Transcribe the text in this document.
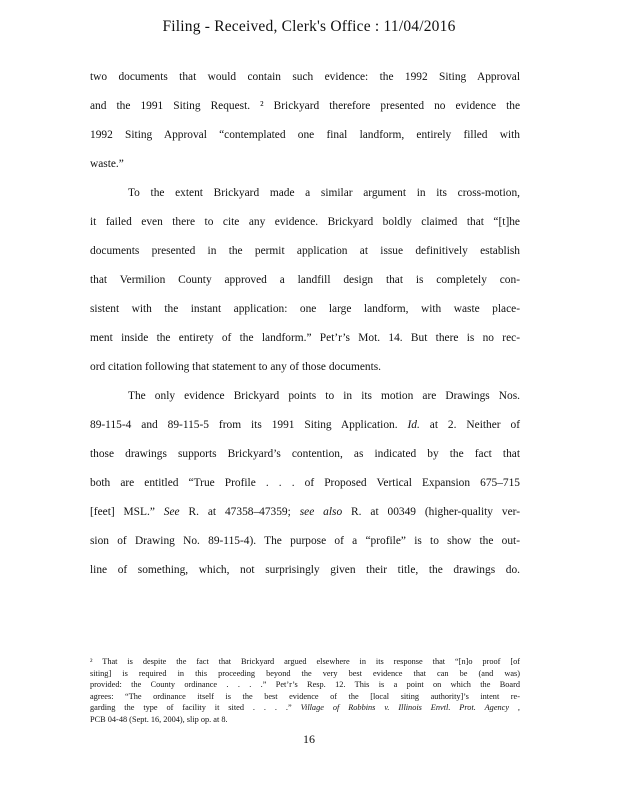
Filing - Received, Clerk's Office : 11/04/2016
two documents that would contain such evidence: the 1992 Siting Approval
and the 1991 Siting Request. ² Brickyard therefore presented no evidence the
1992 Siting Approval “contemplated one final landform, entirely filled with
waste.”
To the extent Brickyard made a similar argument in its cross-motion,
it failed even there to cite any evidence. Brickyard boldly claimed that “[t]he
documents presented in the permit application at issue definitively establish
that Vermilion County approved a landfill design that is completely con-
sistent with the instant application: one large landform, with waste place-
ment inside the entirety of the landform.” Pet’r’s Mot. 14. But there is no rec-
ord citation following that statement to any of those documents.
The only evidence Brickyard points to in its motion are Drawings Nos.
89-115-4 and 89-115-5 from its 1991 Siting Application. Id. at 2. Neither of
those drawings supports Brickyard’s contention, as indicated by the fact that
both are entitled “True Profile . . . of Proposed Vertical Expansion 675–715
[feet] MSL.” See R. at 47358–47359; see also R. at 00349 (higher-quality ver-
sion of Drawing No. 89-115-4). The purpose of a “profile” is to show the out-
line of something, which, not surprisingly given their title, the drawings do.
² That is despite the fact that Brickyard argued elsewhere in its response that “[n]o proof [of
siting] is required in this proceeding beyond the very best evidence that can be (and was)
provided: the County ordinance . . . .” Pet’r’s Resp. 12. This is a point on which the Board
agrees: “The ordinance itself is the best evidence of the [local siting authority]’s intent re-
garding the type of facility it sited . . . .” Village of Robbins v. Illinois Envtl. Prot. Agency ,
PCB 04-48 (Sept. 16, 2004), slip op. at 8.
16
